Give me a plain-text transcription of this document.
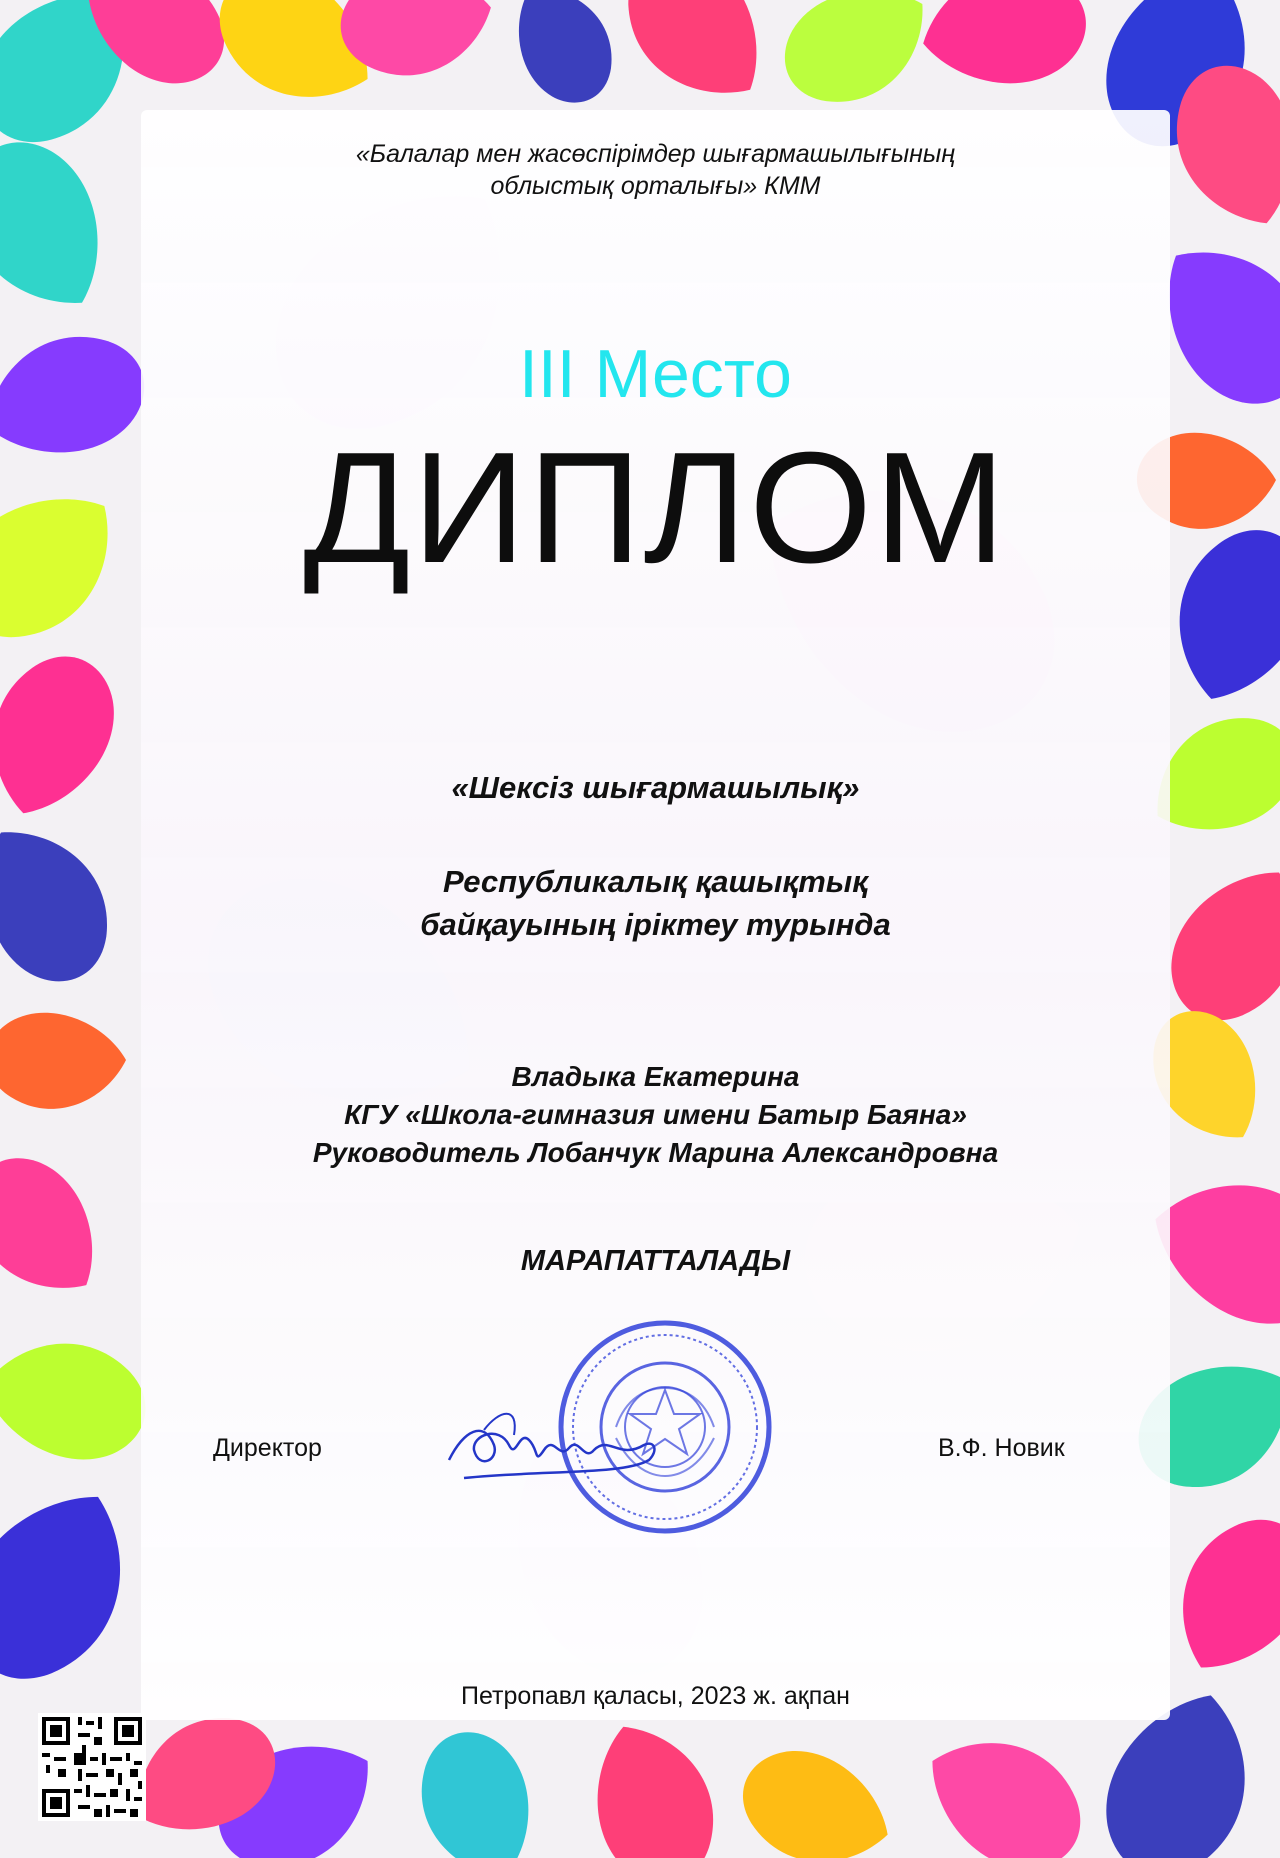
«Балалар мен жасөспірімдер шығармашылығының
облыстық орталығы» КММ

III Место

ДИПЛОМ

«Шексіз шығармашылық»

Республикалық қашықтық
байқауының іріктеу турында

Владыка Екатерина
КГУ «Школа-гимназия имени Батыр Баяна»
Руководитель Лобанчук Марина Александровна

МАРАПАТТАЛАДЫ

Директор	В.Ф. Новик

Петропавл қаласы, 2023 ж. ақпан
